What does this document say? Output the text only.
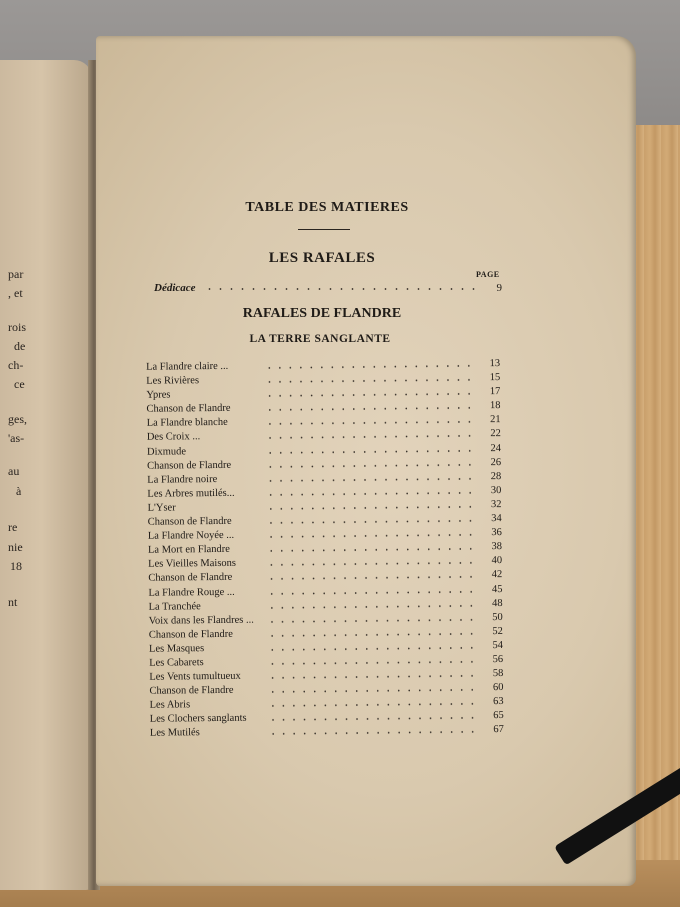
par
, et
rois
de
ch-
ce
ges,
'as-
au
à
re
nie
18
nt
TABLE DES MATIERES
LES RAFALES
PAGE
Dédicace	9
RAFALES DE FLANDRE
LA TERRE SANGLANTE
La Flandre claire ...	13
Les Rivières	15
Ypres	17
Chanson de Flandre	18
La Flandre blanche	21
Des Croix ...	22
Dixmude	24
Chanson de Flandre	26
La Flandre noire	28
Les Arbres mutilés...	30
L'Yser	32
Chanson de Flandre	34
La Flandre Noyée ...	36
La Mort en Flandre	38
Les Vieilles Maisons	40
Chanson de Flandre	42
La Flandre Rouge ...	45
La Tranchée	48
Voix dans les Flandres ...	50
Chanson de Flandre	52
Les Masques	54
Les Cabarets	56
Les Vents tumultueux	58
Chanson de Flandre	60
Les Abris	63
Les Clochers sanglants	65
Les Mutilés	67
